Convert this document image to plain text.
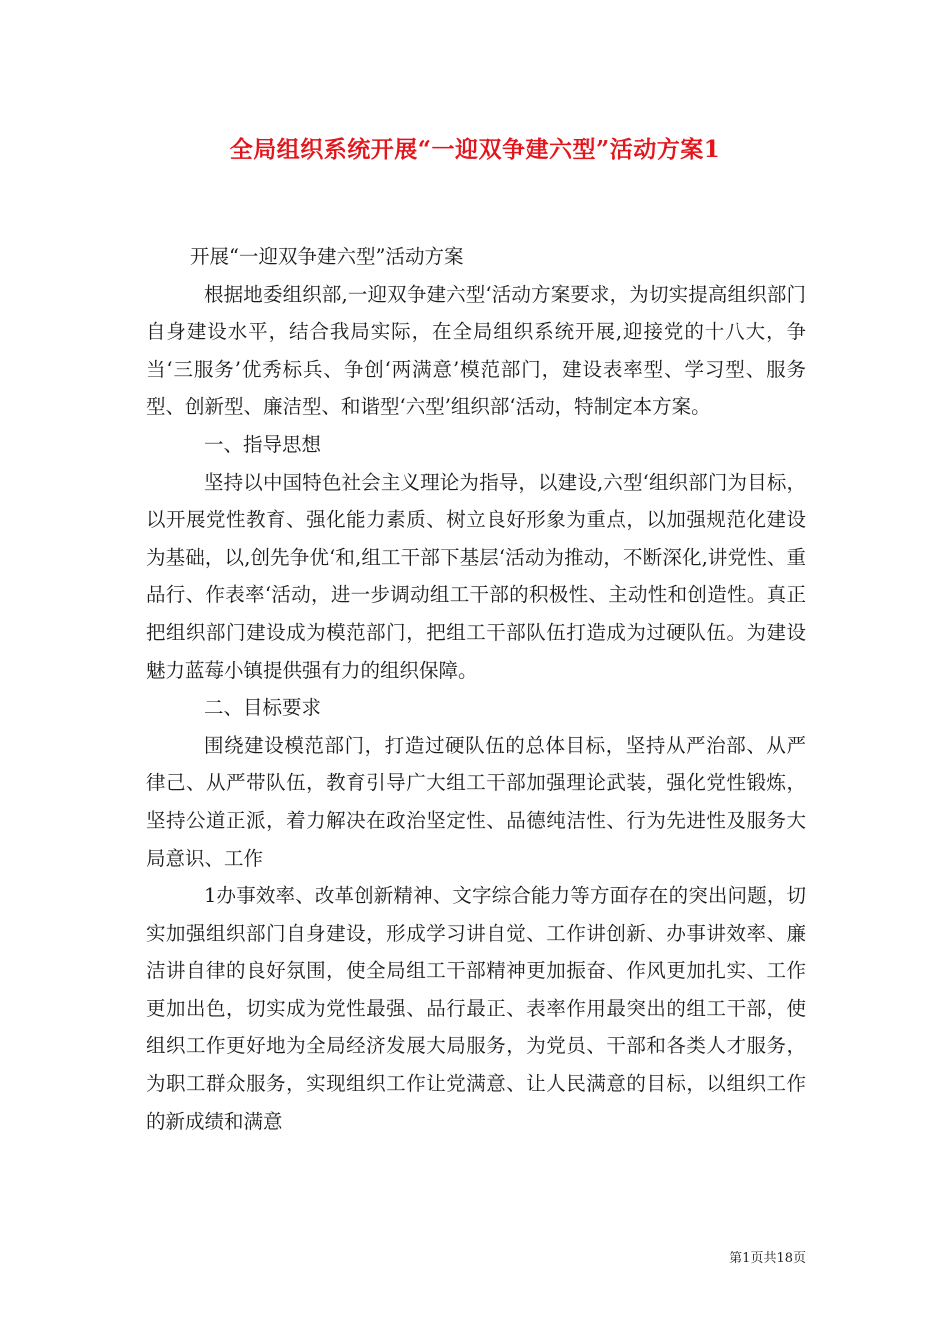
全局组织系统开展“一迎双争建六型”活动方案1

开展“一迎双争建六型”活动方案

根据地委组织部,一迎双争建六型‘活动方案要求，为切实提高组织部门自身建设水平，结合我局实际，在全局组织系统开展,迎接党的十八大，争当‘三服务’优秀标兵、争创‘两满意’模范部门，建设表率型、学习型、服务型、创新型、廉洁型、和谐型‘六型’组织部‘活动，特制定本方案。

一、指导思想

坚持以中国特色社会主义理论为指导，以建设,六型‘组织部门为目标，以开展党性教育、强化能力素质、树立良好形象为重点，以加强规范化建设为基础，以,创先争优‘和,组工干部下基层‘活动为推动，不断深化,讲党性、重品行、作表率‘活动，进一步调动组工干部的积极性、主动性和创造性。真正把组织部门建设成为模范部门，把组工干部队伍打造成为过硬队伍。为建设魅力蓝莓小镇提供强有力的组织保障。

二、目标要求

围绕建设模范部门，打造过硬队伍的总体目标，坚持从严治部、从严律己、从严带队伍，教育引导广大组工干部加强理论武装，强化党性锻炼，坚持公道正派，着力解决在政治坚定性、品德纯洁性、行为先进性及服务大局意识、工作

1办事效率、改革创新精神、文字综合能力等方面存在的突出问题，切实加强组织部门自身建设，形成学习讲自觉、工作讲创新、办事讲效率、廉洁讲自律的良好氛围，使全局组工干部精神更加振奋、作风更加扎实、工作更加出色，切实成为党性最强、品行最正、表率作用最突出的组工干部，使组织工作更好地为全局经济发展大局服务，为党员、干部和各类人才服务，为职工群众服务，实现组织工作让党满意、让人民满意的目标，以组织工作的新成绩和满意

第1页共18页
